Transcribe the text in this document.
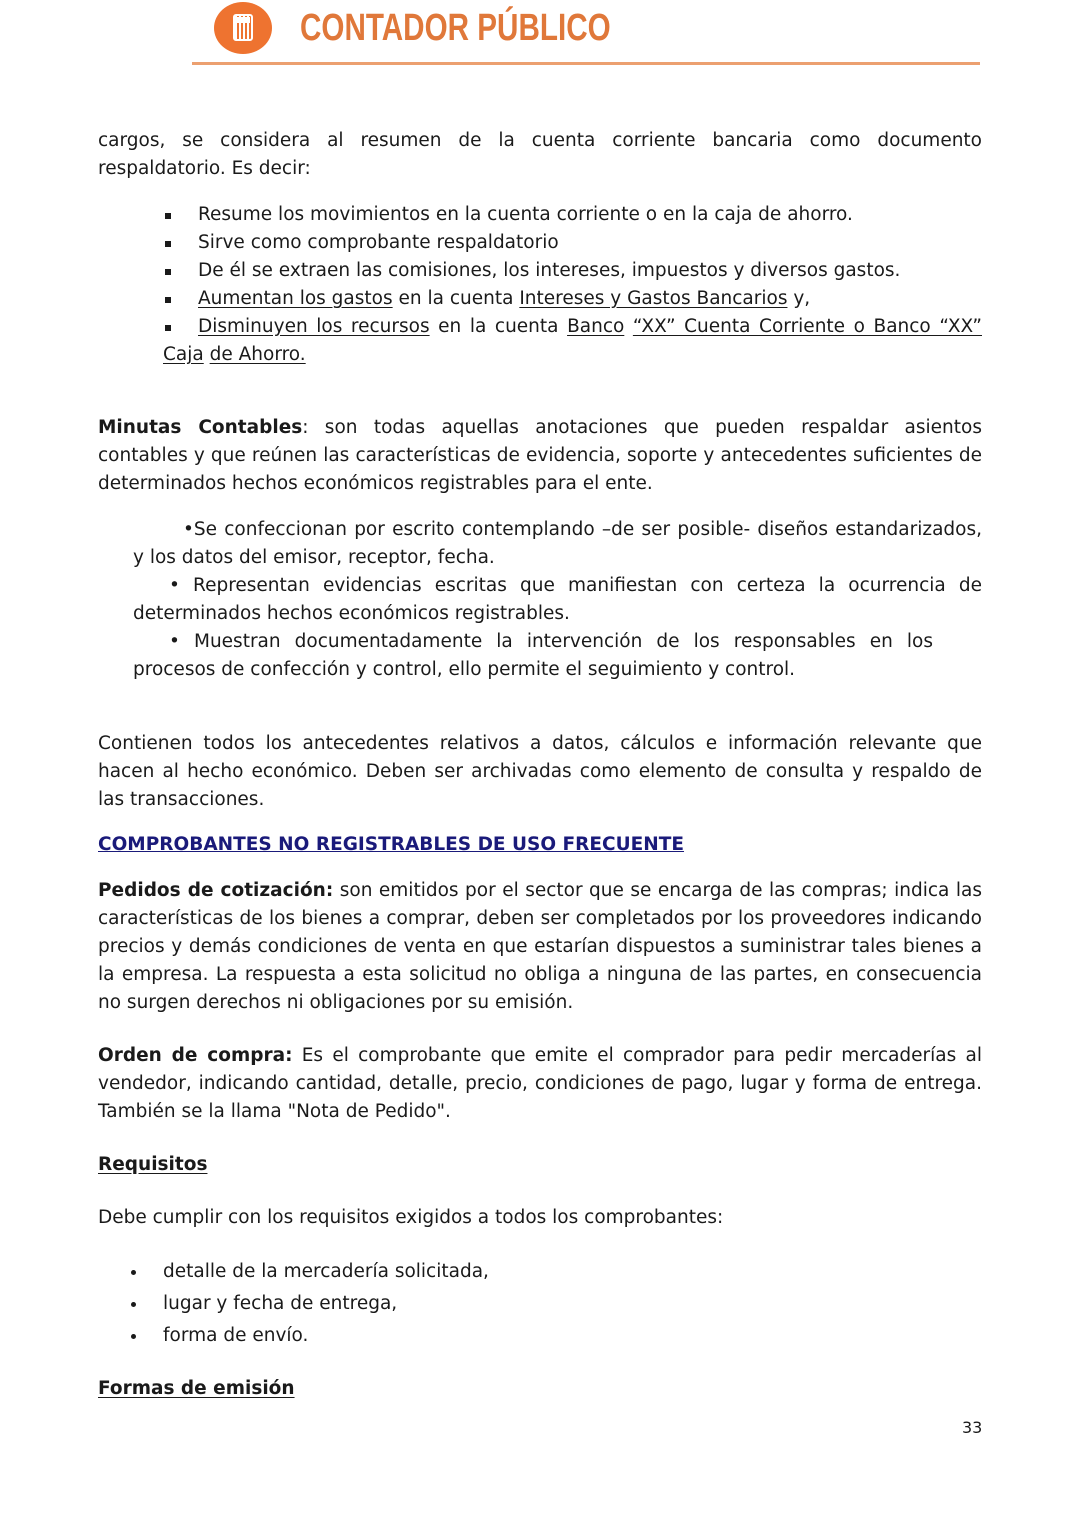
CONTADOR PÚBLICO
cargos, se considera al resumen de la cuenta corriente bancaria como documento respaldatorio. Es decir:
Resume los movimientos en la cuenta corriente o en la caja de ahorro.
Sirve como comprobante respaldatorio
De él se extraen las comisiones, los intereses, impuestos y diversos gastos.
Aumentan los gastos en la cuenta Intereses y Gastos Bancarios y,
Disminuyen los recursos en la cuenta Banco “XX” Cuenta Corriente o Banco “XX” Caja de Ahorro.
Minutas Contables: son todas aquellas anotaciones que pueden respaldar asientos contables y que reúnen las características de evidencia, soporte y antecedentes suficientes de determinados hechos económicos registrables para el ente.
•Se confeccionan por escrito contemplando –de ser posible- diseños estandarizados, y los datos del emisor, receptor, fecha.
• Representan evidencias escritas que manifiestan con certeza la ocurrencia de determinados hechos económicos registrables.
• Muestran documentadamente la intervención de los responsables en los procesos de confección y control, ello permite el seguimiento y control.
Contienen todos los antecedentes relativos a datos, cálculos e información relevante que hacen al hecho económico. Deben ser archivadas como elemento de consulta y respaldo de las transacciones.
COMPROBANTES NO REGISTRABLES DE USO FRECUENTE
Pedidos de cotización: son emitidos por el sector que se encarga de las compras; indica las características de los bienes a comprar, deben ser completados por los proveedores indicando precios y demás condiciones de venta en que estarían dispuestos a suministrar tales bienes a la empresa. La respuesta a esta solicitud no obliga a ninguna de las partes, en consecuencia no surgen derechos ni obligaciones por su emisión.
Orden de compra: Es el comprobante que emite el comprador para pedir mercaderías al vendedor, indicando cantidad, detalle, precio, condiciones de pago, lugar y forma de entrega. También se la llama "Nota de Pedido".
Requisitos
Debe cumplir con los requisitos exigidos a todos los comprobantes:
detalle de la mercadería solicitada,
lugar y fecha de entrega,
forma de envío.
Formas de emisión
33
